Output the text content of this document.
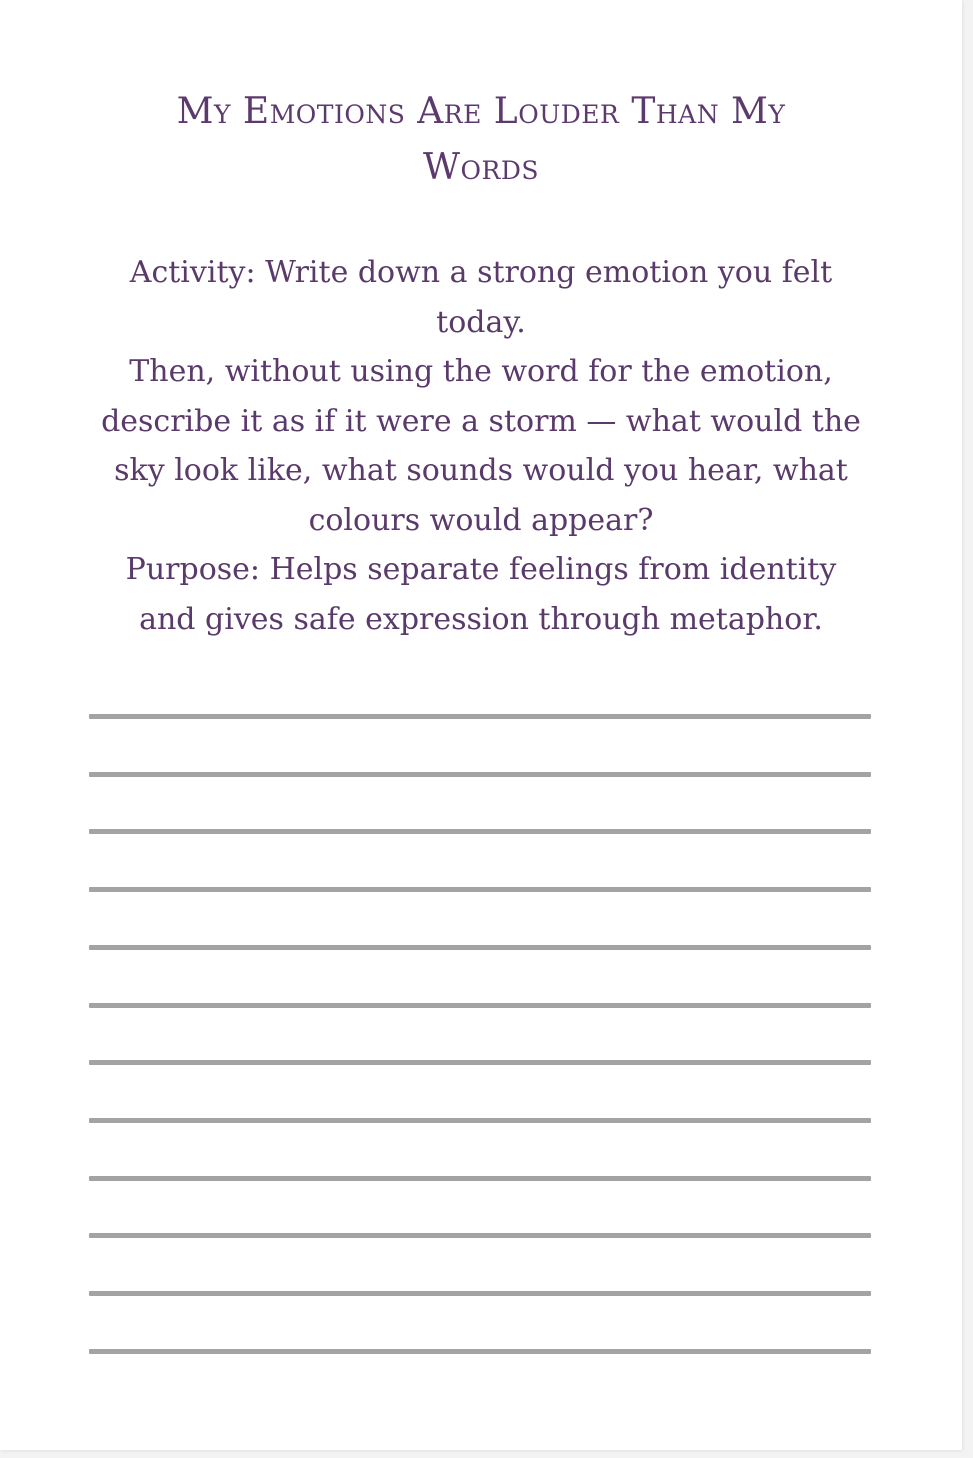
My Emotions Are Louder Than My
Words

Activity: Write down a strong emotion you felt today.

Then, without using the word for the emotion, describe it as if it were a storm — what would the sky look like, what sounds would you hear, what colours would appear?

Purpose: Helps separate feelings from identity and gives safe expression through metaphor.
